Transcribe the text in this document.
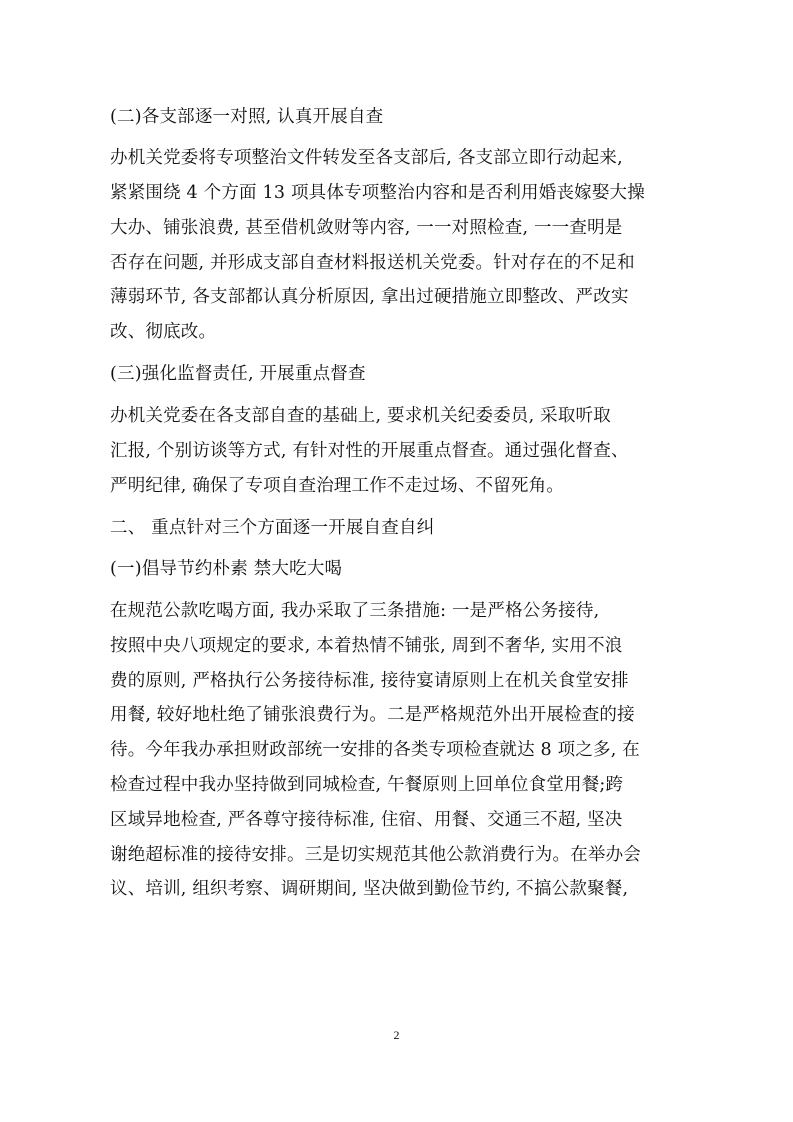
(二)各支部逐一对照, 认真开展自查
办机关党委将专项整治文件转发至各支部后, 各支部立即行动起来,
紧紧围绕 4 个方面 13 项具体专项整治内容和是否利用婚丧嫁娶大操
大办、铺张浪费, 甚至借机敛财等内容, 一一对照检查, 一一查明是
否存在问题, 并形成支部自查材料报送机关党委。针对存在的不足和
薄弱环节, 各支部都认真分析原因, 拿出过硬措施立即整改、严改实
改、彻底改。
(三)强化监督责任, 开展重点督查
办机关党委在各支部自查的基础上, 要求机关纪委委员, 采取听取
汇报, 个别访谈等方式, 有针对性的开展重点督查。通过强化督查、
严明纪律, 确保了专项自查治理工作不走过场、不留死角。
二、 重点针对三个方面逐一开展自查自纠
(一)倡导节约朴素 禁大吃大喝
在规范公款吃喝方面, 我办采取了三条措施: 一是严格公务接待,
按照中央八项规定的要求, 本着热情不铺张, 周到不奢华, 实用不浪
费的原则, 严格执行公务接待标准, 接待宴请原则上在机关食堂安排
用餐, 较好地杜绝了铺张浪费行为。二是严格规范外出开展检查的接
待。今年我办承担财政部统一安排的各类专项检查就达 8 项之多, 在
检查过程中我办坚持做到同城检查, 午餐原则上回单位食堂用餐;跨
区域异地检查, 严各尊守接待标准, 住宿、用餐、交通三不超, 坚决
谢绝超标准的接待安排。三是切实规范其他公款消费行为。在举办会
议、培训, 组织考察、调研期间, 坚决做到勤俭节约, 不搞公款聚餐,
2
